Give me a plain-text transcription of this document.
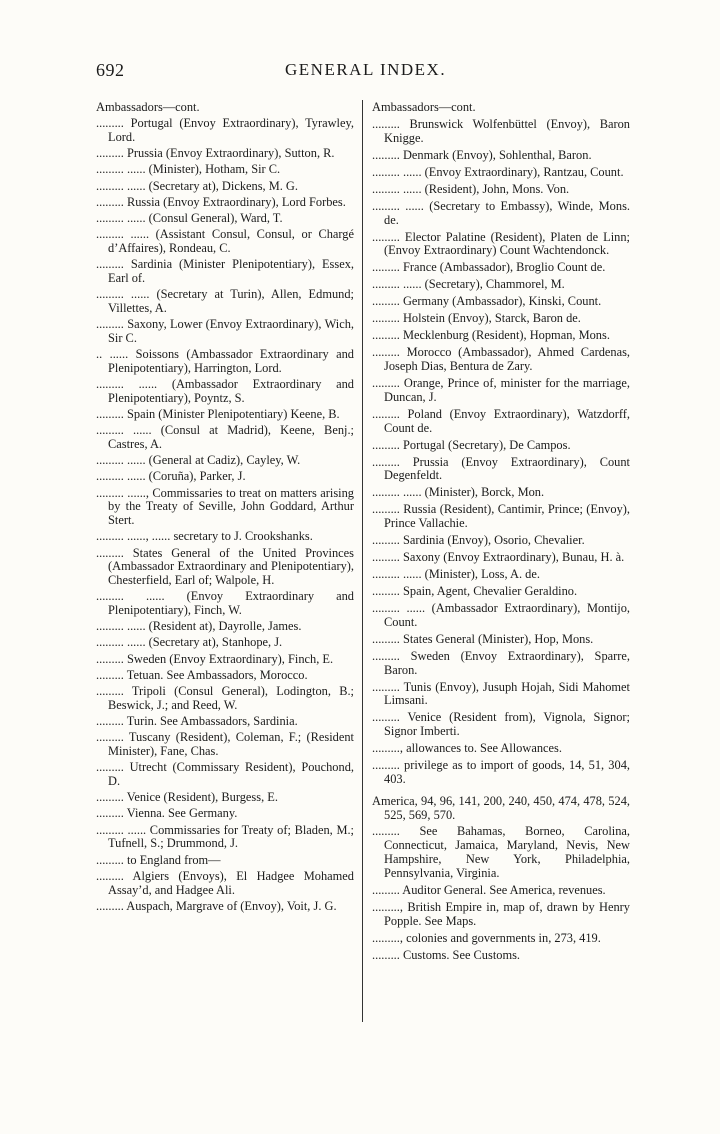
692	GENERAL INDEX.

Ambassadors—cont.

......... Portugal (Envoy Extraordinary), Tyrawley, Lord.

......... Prussia (Envoy Extraordinary), Sutton, R.

......... ...... (Minister), Hotham, Sir C.

......... ...... (Secretary at), Dickens, M. G.

......... Russia (Envoy Extraordinary), Lord Forbes.

......... ...... (Consul General), Ward, T.

......... ...... (Assistant Consul, Consul, or Chargé d’Affaires), Rondeau, C.

......... Sardinia (Minister Plenipotentiary), Essex, Earl of.

......... ...... (Secretary at Turin), Allen, Edmund; Villettes, A.

......... Saxony, Lower (Envoy Extraordinary), Wich, Sir C.

.. ...... Soissons (Ambassador Extraordinary and Plenipotentiary), Harrington, Lord.

......... ...... (Ambassador Extraordinary and Plenipotentiary), Poyntz, S.

......... Spain (Minister Plenipotentiary) Keene, B.

......... ...... (Consul at Madrid), Keene, Benj.; Castres, A.

......... ...... (General at Cadiz), Cayley, W.

......... ...... (Coruña), Parker, J.

......... ......, Commissaries to treat on matters arising by the Treaty of Seville, John Goddard, Arthur Stert.

......... ......, ...... secretary to J. Crookshanks.

......... States General of the United Provinces (Ambassador Extraordinary and Plenipotentiary), Chesterfield, Earl of; Walpole, H.

......... ...... (Envoy Extraordinary and Plenipotentiary), Finch, W.

......... ...... (Resident at), Dayrolle, James.

......... ...... (Secretary at), Stanhope, J.

......... Sweden (Envoy Extraordinary), Finch, E.

......... Tetuan. See Ambassadors, Morocco.

......... Tripoli (Consul General), Lodington, B.; Beswick, J.; and Reed, W.

......... Turin. See Ambassadors, Sardinia.

......... Tuscany (Resident), Coleman, F.; (Resident Minister), Fane, Chas.

......... Utrecht (Commissary Resident), Pouchond, D.

......... Venice (Resident), Burgess, E.

......... Vienna. See Germany.

......... ...... Commissaries for Treaty of; Bladen, M.; Tufnell, S.; Drummond, J.

......... to England from—

......... Algiers (Envoys), El Hadgee Mohamed Assay’d, and Hadgee Ali.

......... Auspach, Margrave of (Envoy), Voit, J. G.

Ambassadors—cont.

......... Brunswick Wolfenbüttel (Envoy), Baron Knigge.

......... Denmark (Envoy), Sohlenthal, Baron.

......... ...... (Envoy Extraordinary), Rantzau, Count.

......... ...... (Resident), John, Mons. Von.

......... ...... (Secretary to Embassy), Winde, Mons. de.

......... Elector Palatine (Resident), Platen de Linn; (Envoy Extraordinary) Count Wachtendonck.

......... France (Ambassador), Broglio Count de.

......... ...... (Secretary), Chammorel, M.

......... Germany (Ambassador), Kinski, Count.

......... Holstein (Envoy), Starck, Baron de.

......... Mecklenburg (Resident), Hopman, Mons.

......... Morocco (Ambassador), Ahmed Cardenas, Joseph Dias, Bentura de Zary.

......... Orange, Prince of, minister for the marriage, Duncan, J.

......... Poland (Envoy Extraordinary), Watzdorff, Count de.

......... Portugal (Secretary), De Campos.

......... Prussia (Envoy Extraordinary), Count Degenfeldt.

......... ...... (Minister), Borck, Mon.

......... Russia (Resident), Cantimir, Prince; (Envoy), Prince Vallachie.

......... Sardinia (Envoy), Osorio, Chevalier.

......... Saxony (Envoy Extraordinary), Bunau, H. à.

......... ...... (Minister), Loss, A. de.

......... Spain, Agent, Chevalier Geraldino.

......... ...... (Ambassador Extraordinary), Montijo, Count.

......... States General (Minister), Hop, Mons.

......... Sweden (Envoy Extraordinary), Sparre, Baron.

......... Tunis (Envoy), Jusuph Hojah, Sidi Mahomet Limsani.

......... Venice (Resident from), Vignola, Signor; Signor Imberti.

........., allowances to. See Allowances.

......... privilege as to import of goods, 14, 51, 304, 403.

America, 94, 96, 141, 200, 240, 450, 474, 478, 524, 525, 569, 570.

......... See Bahamas, Borneo, Carolina, Connecticut, Jamaica, Maryland, Nevis, New Hampshire, New York, Philadelphia, Pennsylvania, Virginia.

......... Auditor General. See America, revenues.

........., British Empire in, map of, drawn by Henry Popple. See Maps.

........., colonies and governments in, 273, 419.

......... Customs. See Customs.
